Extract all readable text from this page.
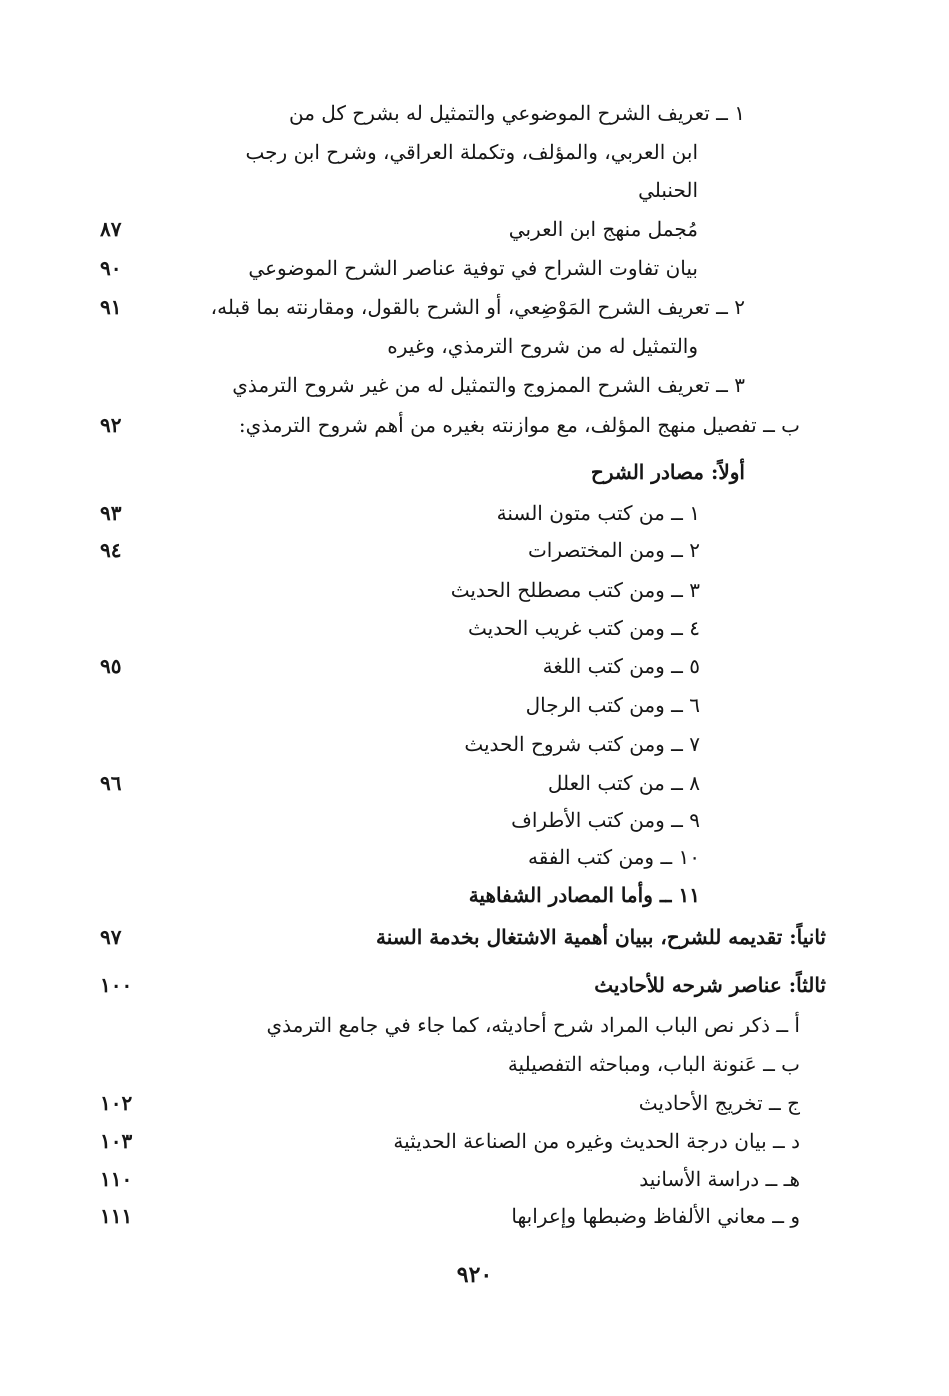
١ ــ تعريف الشرح الموضوعي والتمثيل له بشرح كل من
ابن العربي، والمؤلف، وتكملة العراقي، وشرح ابن رجب
الحنبلي
مُجمل منهج ابن العربي
٨٧
بيان تفاوت الشراح في توفية عناصر الشرح الموضوعي
٩٠
٢ ــ تعريف الشرح المَوْضِعي، أو الشرح بالقول، ومقارنته بما قبله،
٩١
والتمثيل له من شروح الترمذي، وغيره
٣ ــ تعريف الشرح الممزوج والتمثيل له من غير شروح الترمذي
ب ــ تفصيل منهج المؤلف، مع موازنته بغيره من أهم شروح الترمذي:
٩٢
أولاً: مصادر الشرح
١ ــ من كتب متون السنة
٩٣
٢ ــ ومن المختصرات
٩٤
٣ ــ ومن كتب مصطلح الحديث
٤ ــ ومن كتب غريب الحديث
٥ ــ ومن كتب اللغة
٩٥
٦ ــ ومن كتب الرجال
٧ ــ ومن كتب شروح الحديث
٨ ــ من كتب العلل
٩٦
٩ ــ ومن كتب الأطراف
١٠ ــ ومن كتب الفقه
١١ ــ وأما المصادر الشفاهية
ثانياً: تقديمه للشرح، ببيان أهمية الاشتغال بخدمة السنة
٩٧
ثالثاً: عناصر شرحه للأحاديث
١٠٠
أ ــ ذكر نص الباب المراد شرح أحاديثه، كما جاء في جامع الترمذي
ب ــ عَنونة الباب، ومباحثه التفصيلية
ج ــ تخريج الأحاديث
١٠٢
د ــ بيان درجة الحديث وغيره من الصناعة الحديثية
١٠٣
هـ ــ دراسة الأسانيد
١١٠
و ــ معاني الألفاظ وضبطها وإعرابها
١١١
٩٢٠
